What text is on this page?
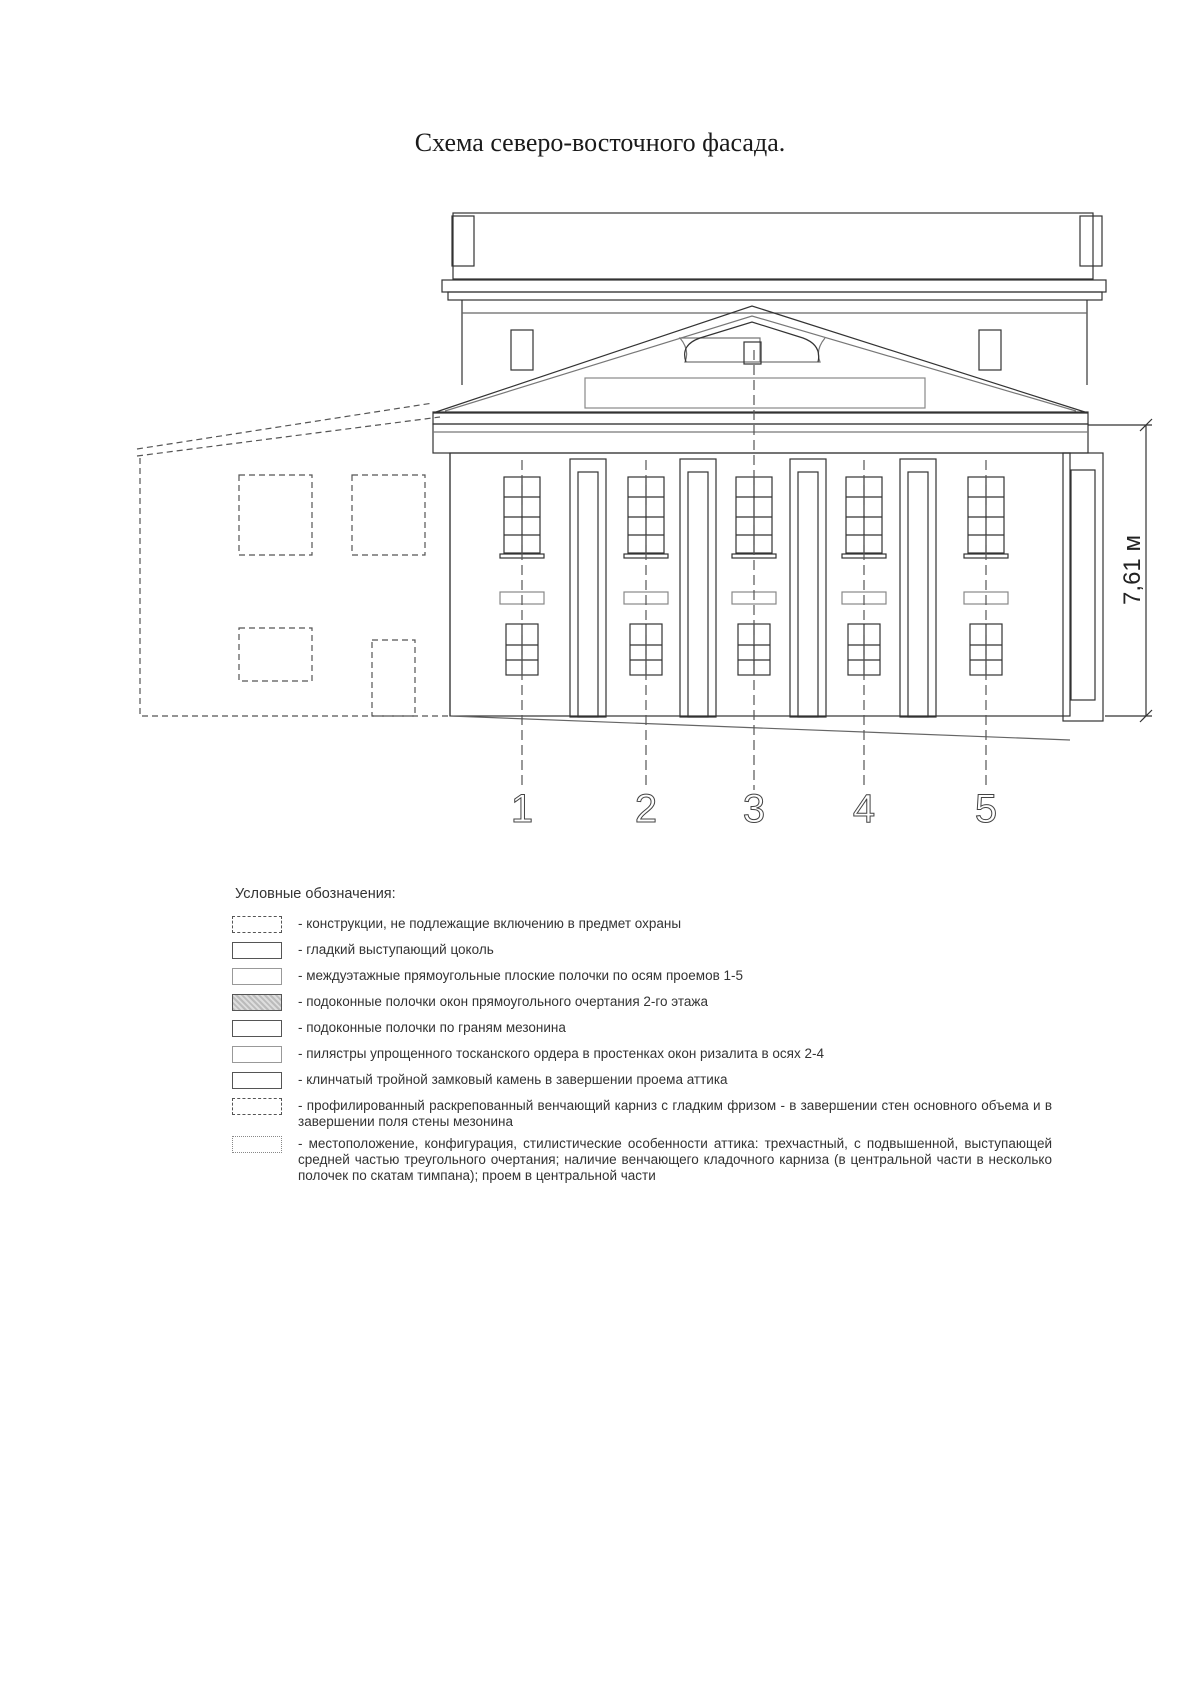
Схема северо-восточного фасада.
7,61 м
1	2 3 4 5
Условные обозначения:
- конструкции, не подлежащие включению в предмет охраны
- гладкий выступающий цоколь
- междуэтажные прямоугольные плоские полочки по осям проемов 1-5
- подоконные полочки окон прямоугольного очертания 2-го этажа
- подоконные полочки по граням мезонина
- пилястры упрощенного тосканского ордера в простенках окон ризалита в осях 2-4
- клинчатый тройной замковый камень в завершении проема аттика
- профилированный раскрепованный венчающий карниз с гладким фризом - в завершении стен основного объема и в завершении поля стены мезонина
- местоположение, конфигурация, стилистические особенности аттика: трехчастный, с подвышенной, выступающей средней частью треугольного очертания; наличие венчающего кладочного карниза (в центральной части в несколько полочек по скатам тимпана); проем в центральной части
